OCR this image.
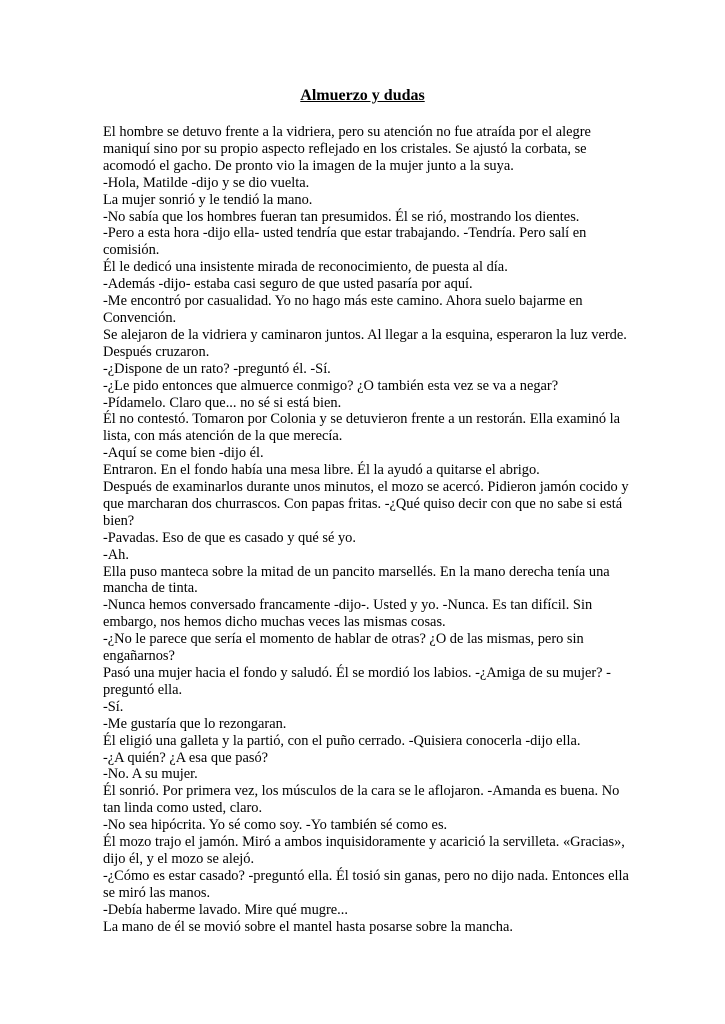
Almuerzo y dudas

El hombre se detuvo frente a la vidriera, pero su atención no fue atraída por el alegre maniquí sino por su propio aspecto reflejado en los cristales. Se ajustó la corbata, se acomodó el gacho. De pronto vio la imagen de la mujer junto a la suya.

-Hola, Matilde -dijo y se dio vuelta.

La mujer sonrió y le tendió la mano.

-No sabía que los hombres fueran tan presumidos. Él se rió, mostrando los dientes.

-Pero a esta hora -dijo ella- usted tendría que estar trabajando. -Tendría. Pero salí en comisión.

Él le dedicó una insistente mirada de reconocimiento, de puesta al día.

-Además -dijo- estaba casi seguro de que usted pasaría por aquí.

-Me encontró por casualidad. Yo no hago más este camino. Ahora suelo bajarme en Convención.

Se alejaron de la vidriera y caminaron juntos. Al llegar a la esquina, esperaron la luz verde. Después cruzaron.

-¿Dispone de un rato? -preguntó él. -Sí.

-¿Le pido entonces que almuerce conmigo? ¿O también esta vez se va a negar?

-Pídamelo. Claro que... no sé si está bien.

Él no contestó. Tomaron por Colonia y se detuvieron frente a un restorán. Ella examinó la lista, con más atención de la que merecía.

-Aquí se come bien -dijo él.

Entraron. En el fondo había una mesa libre. Él la ayudó a quitarse el abrigo.

Después de examinarlos durante unos minutos, el mozo se acercó. Pidieron jamón cocido y que marcharan dos churrascos. Con papas fritas. -¿Qué quiso decir con que no sabe si está bien?

-Pavadas. Eso de que es casado y qué sé yo.

-Ah.

Ella puso manteca sobre la mitad de un pancito marsellés. En la mano derecha tenía una mancha de tinta.

-Nunca hemos conversado francamente -dijo-. Usted y yo. -Nunca. Es tan difícil. Sin embargo, nos hemos dicho muchas veces las mismas cosas.

-¿No le parece que sería el momento de hablar de otras? ¿O de las mismas, pero sin engañarnos?

Pasó una mujer hacia el fondo y saludó. Él se mordió los labios. -¿Amiga de su mujer? -preguntó ella.

-Sí.

-Me gustaría que lo rezongaran.

Él eligió una galleta y la partió, con el puño cerrado. -Quisiera conocerla -dijo ella.

-¿A quién? ¿A esa que pasó?

-No. A su mujer.

Él sonrió. Por primera vez, los músculos de la cara se le aflojaron. -Amanda es buena. No tan linda como usted, claro.

-No sea hipócrita. Yo sé como soy. -Yo también sé como es.

Él mozo trajo el jamón. Miró a ambos inquisidoramente y acarició la servilleta. «Gracias», dijo él, y el mozo se alejó.

-¿Cómo es estar casado? -preguntó ella. Él tosió sin ganas, pero no dijo nada. Entonces ella se miró las manos.

-Debía haberme lavado. Mire qué mugre...

La mano de él se movió sobre el mantel hasta posarse sobre la mancha.
